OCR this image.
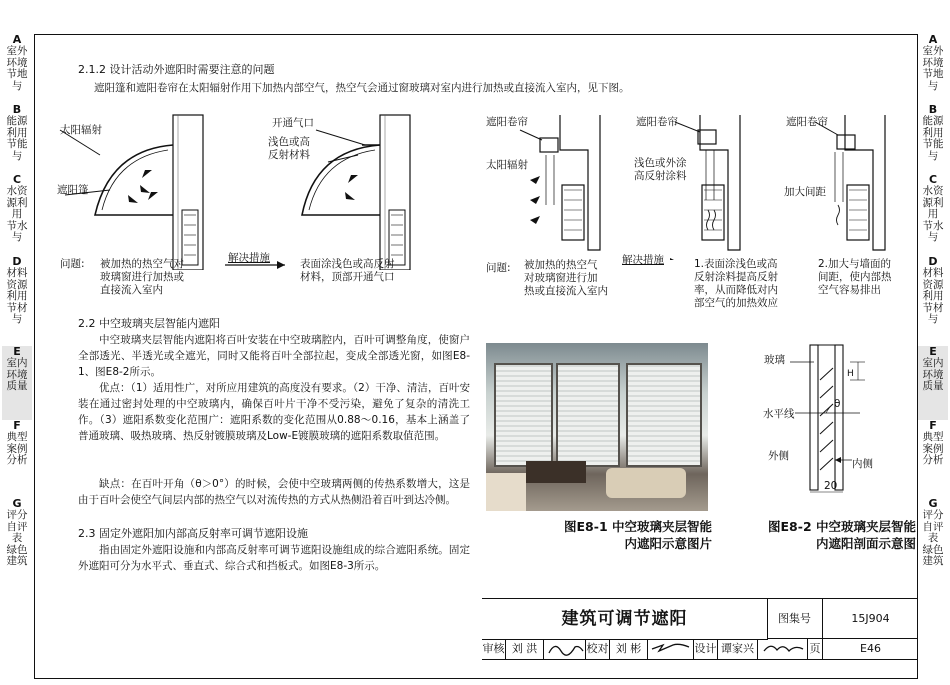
A
室外环境
节地与
B
能源利用
节能与
C
水资源利用
节水与
D
材料资源利用
节材与
E
室内环境质量
F
典型案例分析
G
评分自评表
绿色建筑
A
室外环境
节地与
B
能源利用
节能与
C
水资源利用
节水与
D
材料资源利用
节材与
E
室内环境质量
F
典型案例分析
G
评分自评表
绿色建筑
2.1.2 设计活动外遮阳时需要注意的问题
遮阳篷和遮阳卷帘在太阳辐射作用下加热内部空气，热空气会通过窗玻璃对室内进行加热或直接流入室内，见下图。
太阳辐射
遮阳篷
开通气口
浅色或高
反射材料
问题: 被加热的热空气对
玻璃窗进行加热或
直接流入室内
解决措施	表面涂浅色或高反射
材料，顶部开通气口
遮阳卷帘	遮阳卷帘	遮阳卷帘
太阳辐射	浅色或外涂
高反射涂料
加大间距
问题: 被加热的热空气
对玻璃窗进行加
热或直接流入室内
解决措施	1.表面涂浅色或高
反射涂料提高反射
率，从而降低对内
部空气的加热效应
2.加大与墙面的
间距，使内部热
空气容易排出
2.2 中空玻璃夹层智能内遮阳
中空玻璃夹层智能内遮阳将百叶安装在中空玻璃腔内，百叶可调整角度，使窗户全部透光、半透光或全遮光，同时又能将百叶全部拉起，变成全部透光窗，如图E8-1、图E8-2所示。
优点：（1）适用性广，对所应用建筑的高度没有要求。（2）干净、清洁，百叶安装在通过密封处理的中空玻璃内，确保百叶片干净不受污染，避免了复杂的清洗工作。（3）遮阳系数变化范围广：遮阳系数的变化范围从0.88～0.16，基本上涵盖了普通玻璃、吸热玻璃、热反射镀膜玻璃及Low-E镀膜玻璃的遮阳系数取值范围。
缺点：在百叶开角（θ＞0°）的时候，会使中空玻璃两侧的传热系数增大，这是由于百叶会使空气间层内部的热空气以对流传热的方式从热侧沿着百叶到达冷侧。
2.3 固定外遮阳加内部高反射率可调节遮阳设施
指由固定外遮阳设施和内部高反射率可调节遮阳设施组成的综合遮阳系统。固定外遮阳可分为水平式、垂直式、综合式和挡板式。如图E8-3所示。
玻璃
H
θ
水平线
外侧
内侧
20
图E8-1 中空玻璃夹层智能
内遮阳示意图片
图E8-2 中空玻璃夹层智能
内遮阳剖面示意图
建筑可调节遮阳	图集号	15J904
审核 刘 洪	校对 刘 彬	设计 谭家兴	页	E46
